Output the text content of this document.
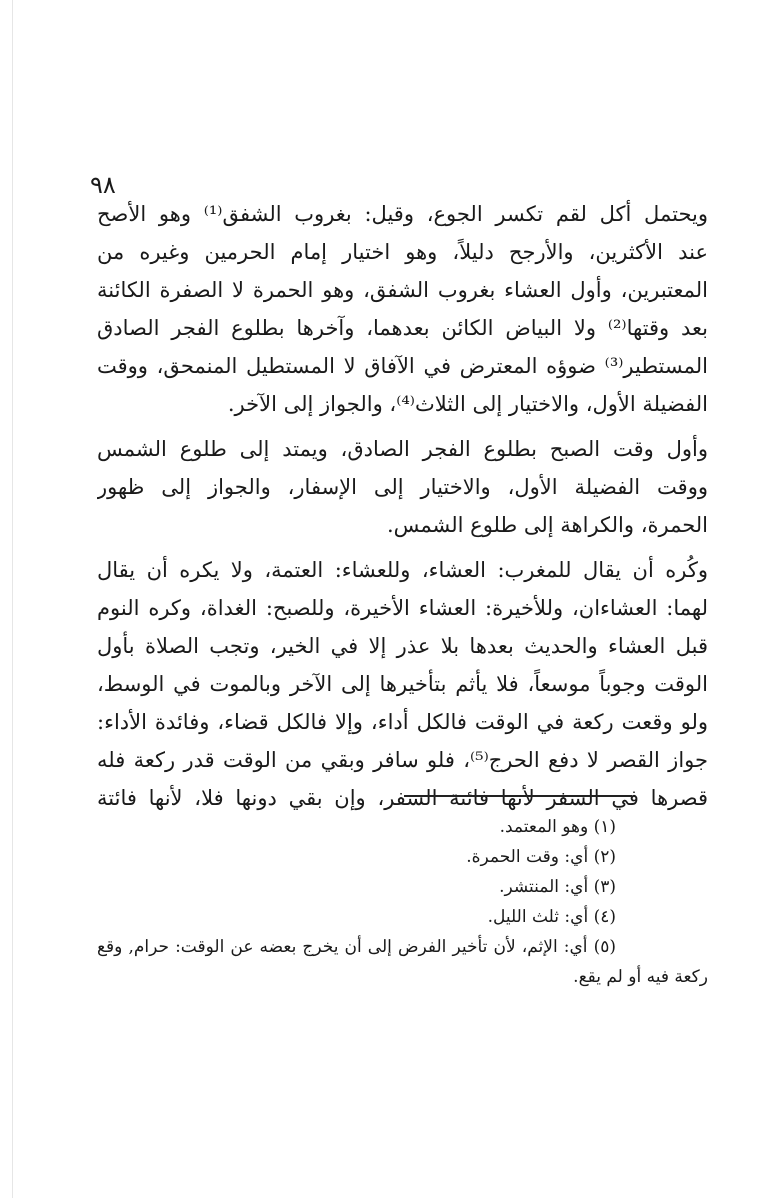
٩٨

ويحتمل أكل لقم تكسر الجوع، وقيل: بغروب الشفق⁽¹⁾ وهو الأصح
عند الأكثرين، والأرجح دليلاً، وهو اختيار إمام الحرمين وغيره من
المعتبرين، وأول العشاء بغروب الشفق، وهو الحمرة لا الصفرة الكائنة
بعد وقتها⁽²⁾ ولا البياض الكائن بعدهما، وآخرها بطلوع الفجر الصادق
المستطير⁽³⁾ ضوؤه المعترض في الآفاق لا المستطيل المنمحق، ووقت
الفضيلة الأول، والاختيار إلى الثلاث⁽⁴⁾، والجواز إلى الآخر.

وأول وقت الصبح بطلوع الفجر الصادق، ويمتد إلى طلوع الشمس
ووقت الفضيلة الأول، والاختيار إلى الإسفار، والجواز إلى ظهور
الحمرة، والكراهة إلى طلوع الشمس.

وكُره أن يقال للمغرب: العشاء، وللعشاء: العتمة، ولا يكره أن يقال
لهما: العشاءان، وللأخيرة: العشاء الأخيرة، وللصبح: الغداة، وكره النوم
قبل العشاء والحديث بعدها بلا عذر إلا في الخير، وتجب الصلاة بأول
الوقت وجوباً موسعاً، فلا يأثم بتأخيرها إلى الآخر وبالموت في الوسط،
ولو وقعت ركعة في الوقت فالكل أداء، وإلا فالكل قضاء، وفائدة الأداء:
جواز القصر لا دفع الحرج⁽⁵⁾، فلو سافر وبقي من الوقت قدر ركعة فله
قصرها في السفر لأنها فائتة السفر، وإن بقي دونها فلا، لأنها فائتة

(١) وهو المعتمد.
(٢) أي: وقت الحمرة.
(٣) أي: المنتشر.
(٤) أي: ثلث الليل.
(٥) أي: الإثم، لأن تأخير الفرض إلى أن يخرج بعضه عن الوقت: حرام, وقع
ركعة فيه أو لم يقع.
